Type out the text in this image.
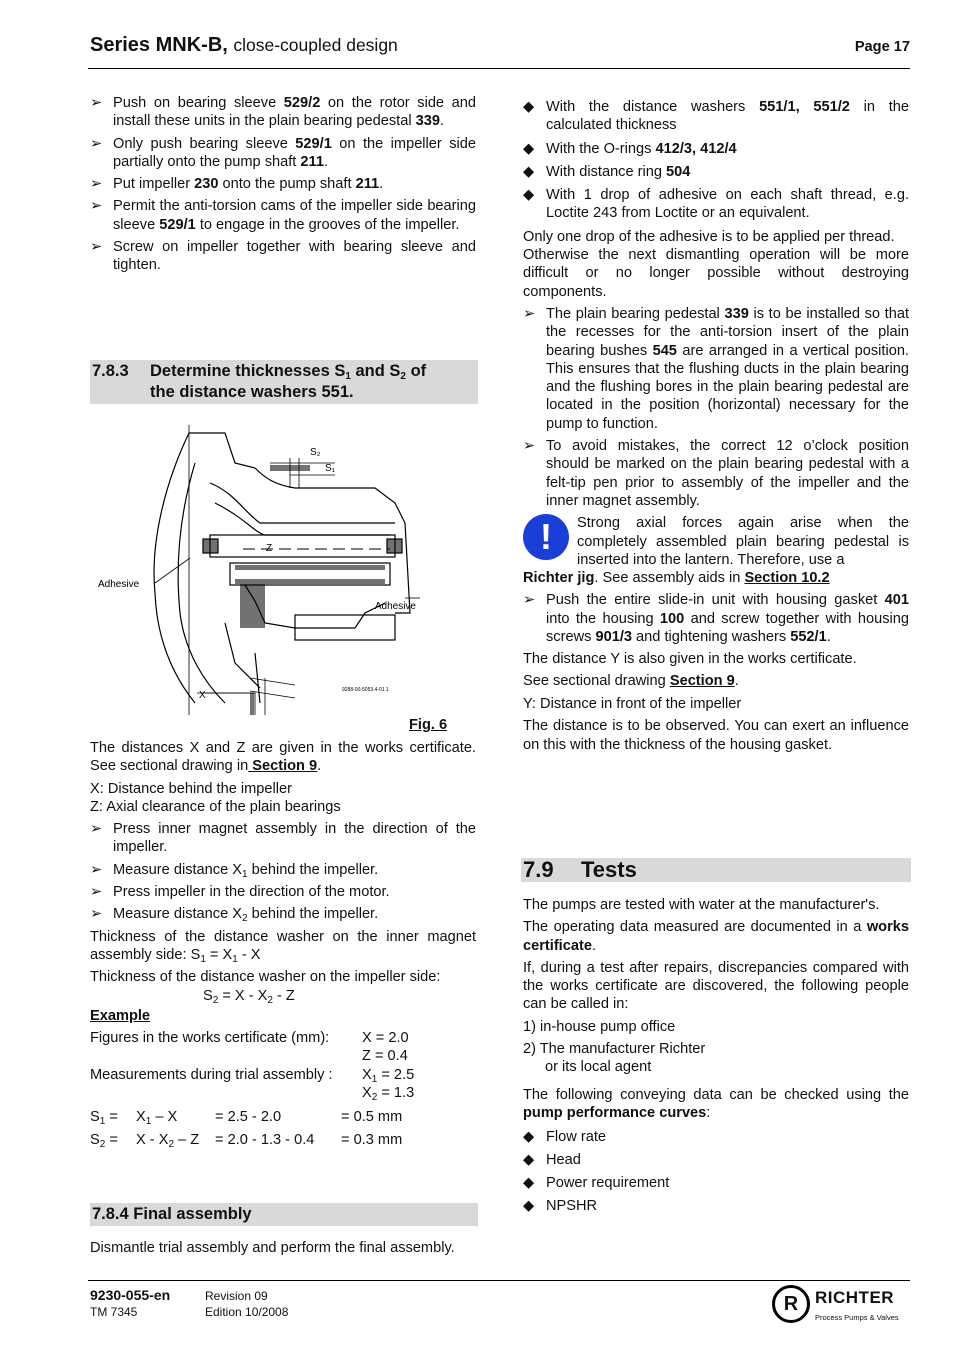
Series MNK-B, close-coupled design	Page 17
➢ Push on bearing sleeve 529/2 on the rotor side and install these units in the plain bearing pedestal 339.
➢ Only push bearing sleeve 529/1 on the impeller side partially onto the pump shaft 211.
➢ Put impeller 230 onto the pump shaft 211.
➢ Permit the anti-torsion cams of the impeller side bearing sleeve 529/1 to engage in the grooves of the impeller.
➢ Screw on impeller together with bearing sleeve and tighten.
7.8.3	Determine thicknesses $S_1$ and $S_2$ of
the distance washers 551.
S₂
S₁
Z
X
Adhesive
Adhesive
9288-00-5053.4-01.1
Fig. 6

The distances X and Z are given in the works certificate. See sectional drawing in Section 9.

X: Distance behind the impeller

Z: Axial clearance of the plain bearings

➢ Press inner magnet assembly in the direction of the impeller.
➢ Measure distance $X_1$ behind the impeller.
➢ Press impeller in the direction of the motor.
➢ Measure distance $X_2$ behind the impeller.

Thickness of the distance washer on the inner magnet assembly side: $S_1 = X_1 - X$

Thickness of the distance washer on the impeller side:

$S_2 = X - X_2 - Z$

Example

Figures in the works certificate (mm):	X = 2.0
	Z = 0.4
Measurements during trial assembly :	$X_1 = 2.5$
	$X_2 = 1.3$
$S_1$ =	$X_1$ – X	= 2.5 - 2.0	= 0.5 mm
$S_2$ =	X - $X_2$ – Z	= 2.0 - 1.3 - 0.4	= 0.3 mm
7.8.4 Final assembly

Dismantle trial assembly and perform the final assembly.

◆ With the distance washers 551/1, 551/2 in the calculated thickness
◆ With the O-rings 412/3, 412/4
◆ With distance ring 504
◆ With 1 drop of adhesive on each shaft thread, e.g. Loctite 243 from Loctite or an equivalent.

Only one drop of the adhesive is to be applied per thread.

Otherwise the next dismantling operation will be more difficult or no longer possible without destroying components.

➢ The plain bearing pedestal 339 is to be installed so that the recesses for the anti-torsion insert of the plain bearing bushes 545 are arranged in a vertical position. This ensures that the flushing ducts in the plain bearing and the flushing bores in the plain bearing pedestal are located in the position (horizontal) necessary for the pump to function.
➢ To avoid mistakes, the correct 12 o’clock position should be marked on the plain bearing pedestal with a felt-tip pen prior to assembly of the impeller and the inner magnet assembly.
!	Strong axial forces again arise when the completely assembled plain bearing pedestal is inserted into the lantern. Therefore, use a

Richter jig. See assembly aids in Section 10.2

➢ Push the entire slide-in unit with housing gasket 401 into the housing 100 and screw together with housing screws 901/3 and tightening washers 552/1.

The distance Y is also given in the works certificate.

See sectional drawing Section 9.

Y: Distance in front of the impeller

The distance is to be observed. You can exert an influence on this with the thickness of the housing gasket.

7.9 Tests

The pumps are tested with water at the manufacturer's.

The operating data measured are documented in a works certificate.

If, during a test after repairs, discrepancies compared with the works certificate are discovered, the following people can be called in:

1) in-house pump office

2) The manufacturer Richter

or its local agent

The following conveying data can be checked using the pump performance curves:

◆ Flow rate
◆ Head
◆ Power requirement
◆ NPSHR
9230-055-en
TM 7345
Revision 09
Edition 10/2008	R RICHTER
Process Pumps & Valves
